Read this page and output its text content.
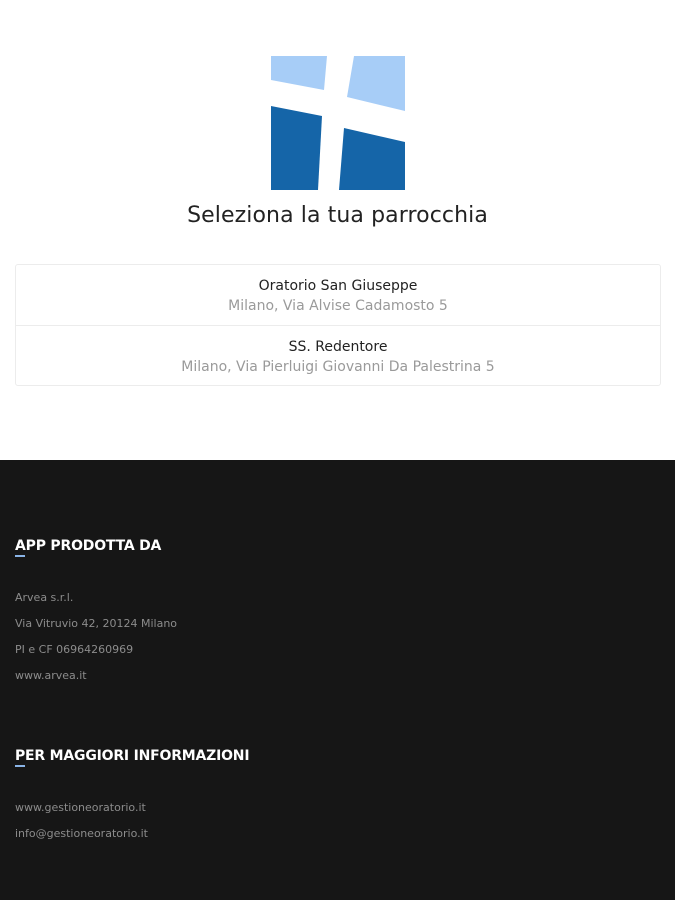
Seleziona la tua parrocchia
Oratorio San Giuseppe
Milano, Via Alvise Cadamosto 5
SS. Redentore
Milano, Via Pierluigi Giovanni Da Palestrina 5
APP PRODOTTA DA
Arvea s.r.l.
Via Vitruvio 42, 20124 Milano
PI e CF 06964260969
www.arvea.it
PER MAGGIORI INFORMAZIONI
www.gestioneoratorio.it
info@gestioneoratorio.it
